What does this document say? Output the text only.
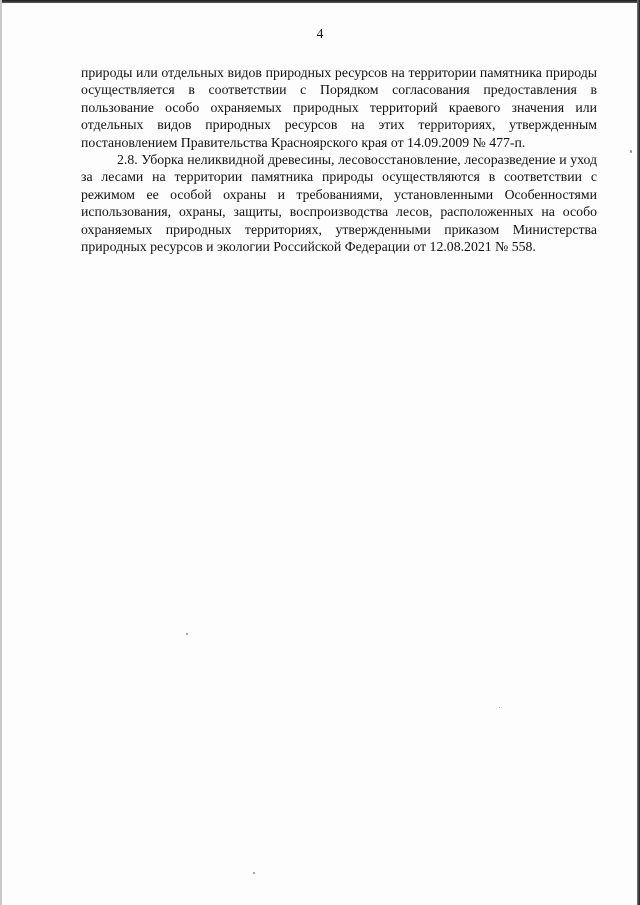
4

природы или отдельных видов природных ресурсов на территории памятника природы осуществляется в соответствии с Порядком согласования предоставления в пользование особо охраняемых природных территорий краевого значения или отдельных видов природных ресурсов на этих территориях, утвержденным постановлением Правительства Красноярского края от 14.09.2009 № 477-п.

2.8. Уборка неликвидной древесины, лесовосстановление, лесоразведение и уход за лесами на территории памятника природы осуществляются в соответствии с режимом ее особой охраны и требованиями, установленными Особенностями использования, охраны, защиты, воспроизводства лесов, расположенных на особо охраняемых природных территориях, утвержденными приказом Министерства природных ресурсов и экологии Российской Федерации от 12.08.2021 № 558.
